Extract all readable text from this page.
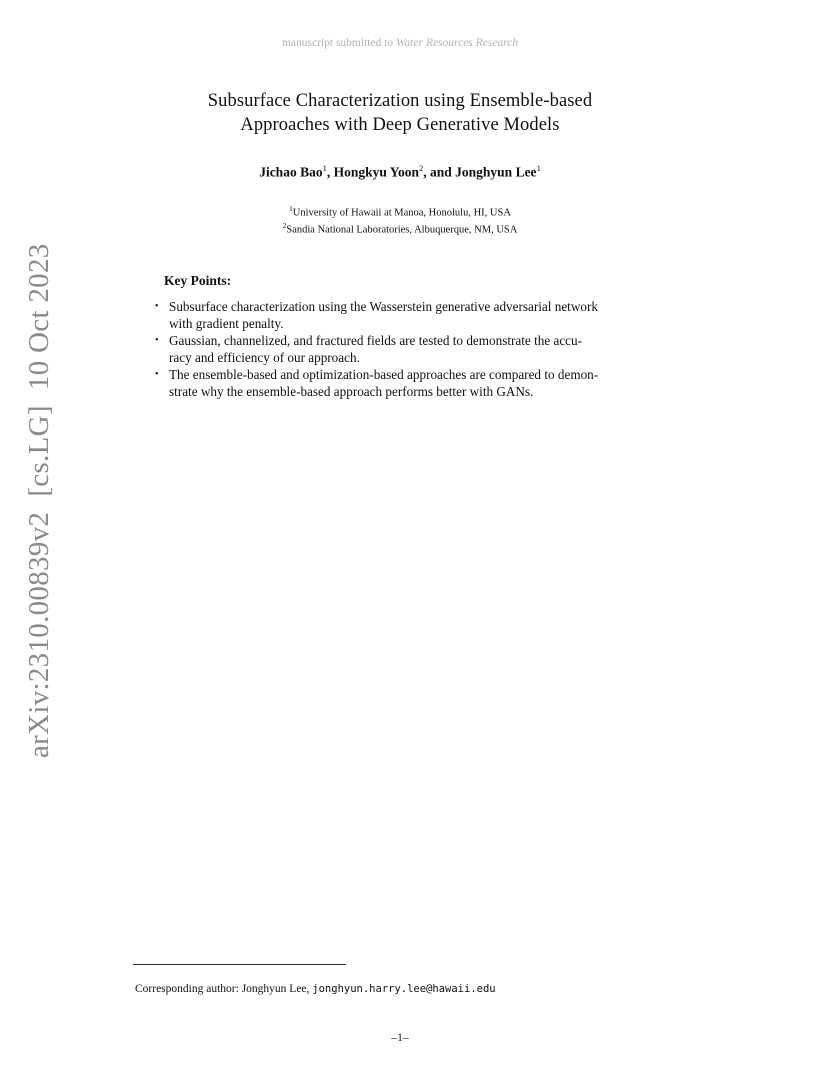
manuscript submitted to Water Resources Research
Subsurface Characterization using Ensemble-based
Approaches with Deep Generative Models
Jichao Bao$^1$, Hongkyu Yoon$^2$, and Jonghyun Lee$^1$
$^1$University of Hawaii at Manoa, Honolulu, HI, USA
$^2$Sandia National Laboratories, Albuquerque, NM, USA
Key Points:
• Subsurface characterization using the Wasserstein generative adversarial network
with gradient penalty.
• Gaussian, channelized, and fractured fields are tested to demonstrate the accu-
racy and efficiency of our approach.
• The ensemble-based and optimization-based approaches are compared to demon-
strate why the ensemble-based approach performs better with GANs.
arXiv:2310.00839v2  [cs.LG]  10 Oct 2023
Corresponding author: Jonghyun Lee, jonghyun.harry.lee@hawaii.edu
–1–
